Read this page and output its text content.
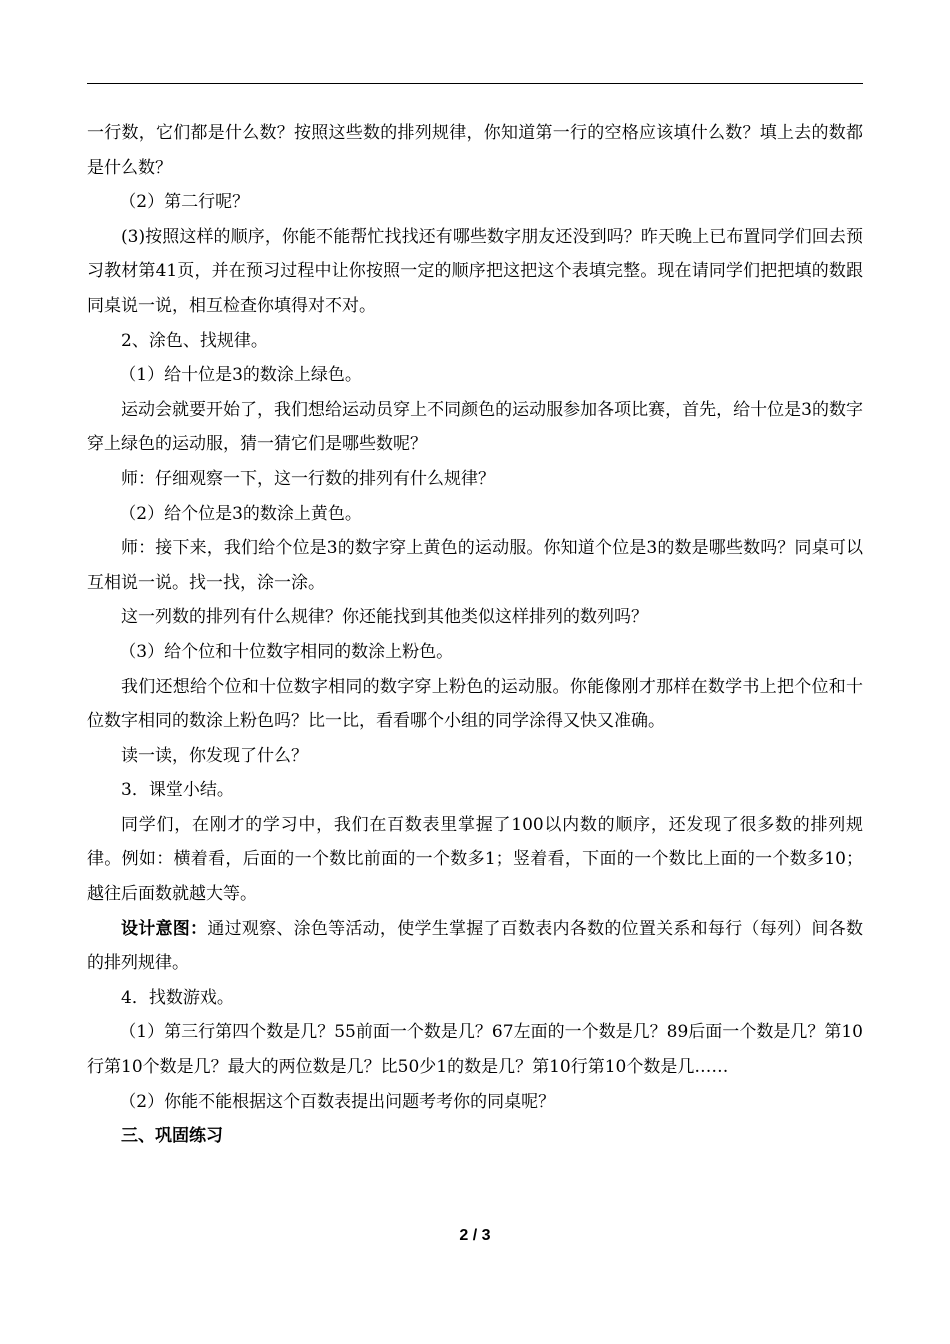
一行数，它们都是什么数？按照这些数的排列规律，你知道第一行的空格应该填什么数？填上去的数都是什么数？

（2）第二行呢？

(3)按照这样的顺序，你能不能帮忙找找还有哪些数字朋友还没到吗？昨天晚上已布置同学们回去预习教材第41页，并在预习过程中让你按照一定的顺序把这把这个表填完整。现在请同学们把把填的数跟同桌说一说，相互检查你填得对不对。

2、涂色、找规律。

（1）给十位是3的数涂上绿色。

运动会就要开始了，我们想给运动员穿上不同颜色的运动服参加各项比赛，首先，给十位是3的数字穿上绿色的运动服，猜一猜它们是哪些数呢？

师：仔细观察一下，这一行数的排列有什么规律？

（2）给个位是3的数涂上黄色。

师：接下来，我们给个位是3的数字穿上黄色的运动服。你知道个位是3的数是哪些数吗？同桌可以互相说一说。找一找，涂一涂。

这一列数的排列有什么规律？你还能找到其他类似这样排列的数列吗？

（3）给个位和十位数字相同的数涂上粉色。

我们还想给个位和十位数字相同的数字穿上粉色的运动服。你能像刚才那样在数学书上把个位和十位数字相同的数涂上粉色吗？比一比，看看哪个小组的同学涂得又快又准确。

读一读，你发现了什么？

3．课堂小结。

同学们，在刚才的学习中，我们在百数表里掌握了100以内数的顺序，还发现了很多数的排列规律。例如：横着看，后面的一个数比前面的一个数多1；竖着看，下面的一个数比上面的一个数多10；越往后面数就越大等。

设计意图：通过观察、涂色等活动，使学生掌握了百数表内各数的位置关系和每行（每列）间各数的排列规律。

4．找数游戏。

（1）第三行第四个数是几？55前面一个数是几？67左面的一个数是几？89后面一个数是几？第10行第10个数是几？最大的两位数是几？比50少1的数是几？第10行第10个数是几……

（2）你能不能根据这个百数表提出问题考考你的同桌呢？

三、巩固练习

2 / 3
